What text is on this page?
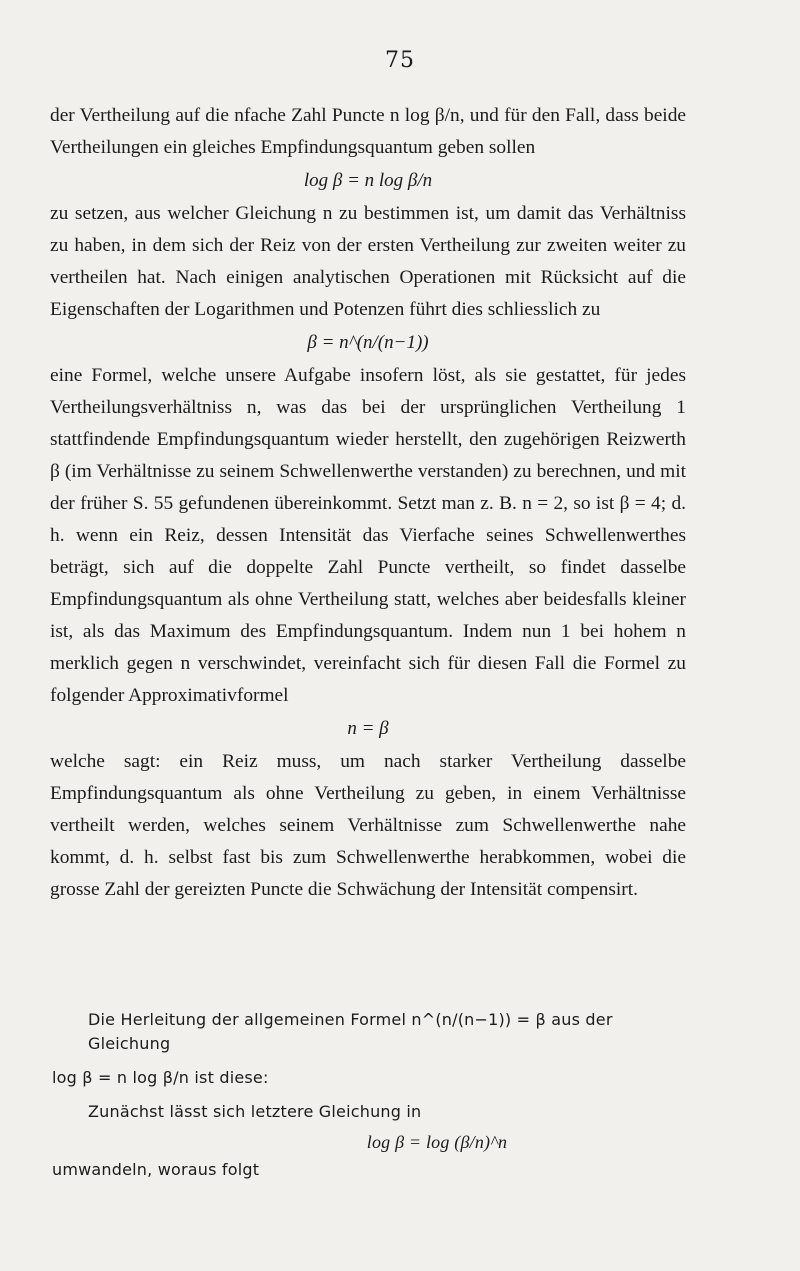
75

der Vertheilung auf die nfache Zahl Puncte n log β/n, und für den Fall, dass beide Vertheilungen ein gleiches Empfindungsquantum geben sollen

log β = n log β/n

zu setzen, aus welcher Gleichung n zu bestimmen ist, um damit das Verhältniss zu haben, in dem sich der Reiz von der ersten Vertheilung zur zweiten weiter zu vertheilen hat. Nach einigen analytischen Operationen mit Rücksicht auf die Eigenschaften der Logarithmen und Potenzen führt dies schliesslich zu

β = n^(n/(n−1))

eine Formel, welche unsere Aufgabe insofern löst, als sie gestattet, für jedes Vertheilungsverhältniss n, was das bei der ursprünglichen Vertheilung 1 stattfindende Empfindungsquantum wieder herstellt, den zugehörigen Reizwerth β (im Verhältnisse zu seinem Schwellenwerthe verstanden) zu berechnen, und mit der früher S. 55 gefundenen übereinkommt. Setzt man z. B. n = 2, so ist β = 4; d. h. wenn ein Reiz, dessen Intensität das Vierfache seines Schwellenwerthes beträgt, sich auf die doppelte Zahl Puncte vertheilt, so findet dasselbe Empfindungsquantum als ohne Vertheilung statt, welches aber beidesfalls kleiner ist, als das Maximum des Empfindungsquantum. Indem nun 1 bei hohem n merklich gegen n verschwindet, vereinfacht sich für diesen Fall die Formel zu folgender Approximativformel

n = β

welche sagt: ein Reiz muss, um nach starker Vertheilung dasselbe Empfindungsquantum als ohne Vertheilung zu geben, in einem Verhältnisse vertheilt werden, welches seinem Verhältnisse zum Schwellenwerthe nahe kommt, d. h. selbst fast bis zum Schwellenwerthe herabkommen, wobei die grosse Zahl der gereizten Puncte die Schwächung der Intensität compensirt.

Die Herleitung der allgemeinen Formel n^(n/(n−1)) = β aus der Gleichung
log β = n log β/n ist diese:
Zunächst lässt sich letztere Gleichung in
log β = log (β/n)^n
umwandeln, woraus folgt
